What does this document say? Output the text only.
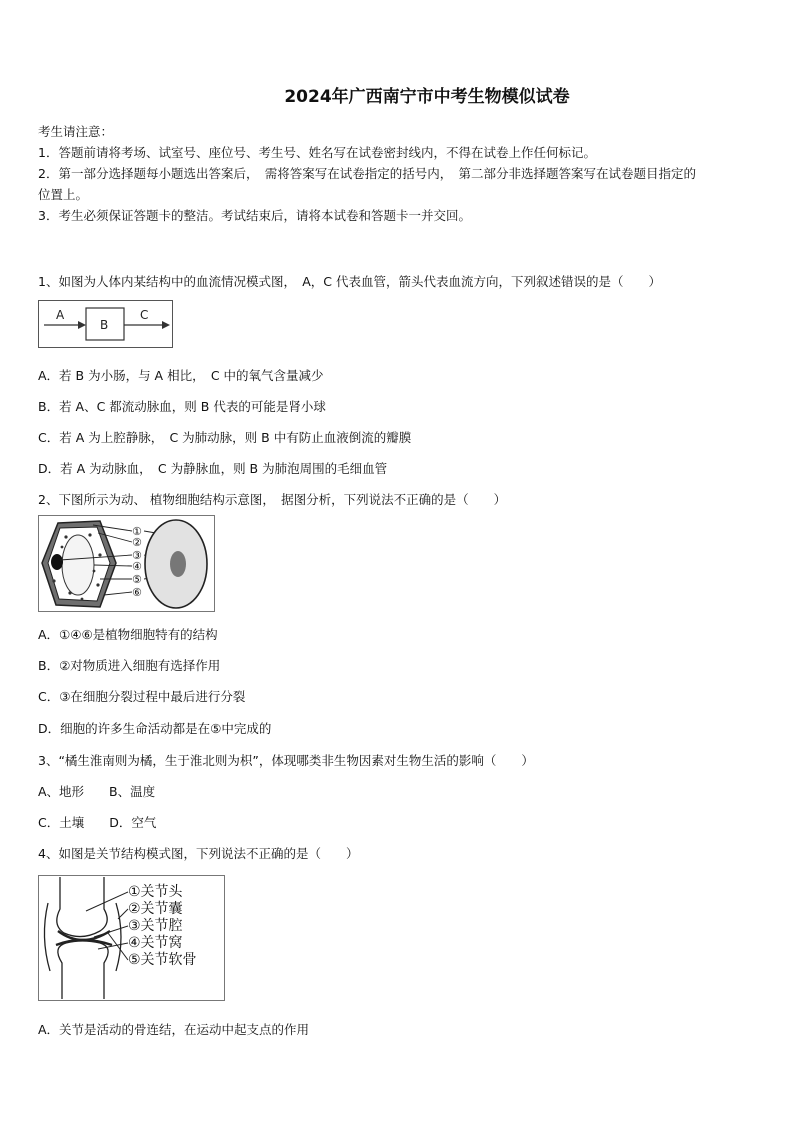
2024年广西南宁市中考生物模似试卷
考生请注意：
1．答题前请将考场、试室号、座位号、考生号、姓名写在试卷密封线内，不得在试卷上作任何标记。
2．第一部分选择题每小题选出答案后，　需将答案写在试卷指定的括号内，　第二部分非选择题答案写在试卷题目指定的
位置上。
3．考生必须保证答题卡的整洁。考试结束后，请将本试卷和答题卡一并交回。
1、如图为人体内某结构中的血流情况模式图，　A，C 代表血管，箭头代表血流方向，下列叙述错误的是（　　）
A
B
C
A．若 B 为小肠，与 A 相比，　C 中的氧气含量减少
B．若 A、C 都流动脉血，则 B 代表的可能是肾小球
C．若 A 为上腔静脉，　C 为肺动脉，则 B 中有防止血液倒流的瓣膜
D．若 A 为动脉血，　C 为静脉血，则 B 为肺泡周围的毛细血管
2、下图所示为动、 植物细胞结构示意图，　据图分析，下列说法不正确的是（　　）
①
②
③
④
⑤
⑥
A．①④⑥是植物细胞特有的结构
B．②对物质进入细胞有选择作用
C．③在细胞分裂过程中最后进行分裂
D．细胞的许多生命活动都是在⑤中完成的
3、“橘生淮南则为橘，生于淮北则为枳”，体现哪类非生物因素对生物生活的影响（　　）
A、地形　　B、温度
C．土壤　　D．空气
4、如图是关节结构模式图，下列说法不正确的是（　　）
①关节头
②关节囊
③关节腔
④关节窝
⑤关节软骨
A．关节是活动的骨连结，在运动中起支点的作用
